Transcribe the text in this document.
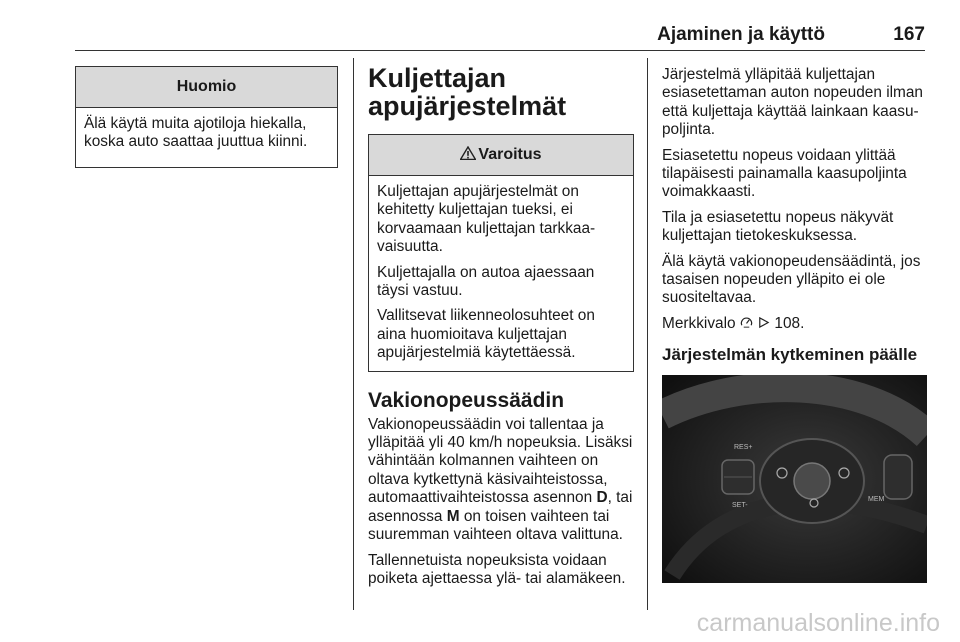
Ajaminen ja käyttö	167
Huomio
Älä käytä muita ajotiloja hiekalla, koska auto saattaa juuttua kiinni.
Kuljettajan apujärjestelmät
Varoitus
Kuljettajan apujärjestelmät on kehitetty kuljettajan tueksi, ei korvaamaan kuljettajan tarkkaavaisuutta.
Kuljettajalla on autoa ajaessaan täysi vastuu.
Vallitsevat liikenneolosuhteet on aina huomioitava kuljettajan apujärjestelmiä käytettäessä.
Vakionopeussäädin
Vakionopeussäädin voi tallentaa ja ylläpitää yli 40 km/h nopeuksia. Lisäksi vähintään kolmannen vaihteen on oltava kytkettynä käsivaihteistossa, automaattivaihteistossa asennon D, tai asennossa M on toisen vaihteen tai suuremman vaihteen oltava valittuna.
Tallennetuista nopeuksista voidaan poiketa ajettaessa ylä- tai alamäkeen.
Järjestelmä ylläpitää kuljettajan esiasetettaman auton nopeuden ilman että kuljettaja käyttää lainkaan kaasupoljinta.
Esiasetettu nopeus voidaan ylittää tilapäisesti painamalla kaasupoljinta voimakkaasti.
Tila ja esiasetettu nopeus näkyvät kuljettajan tietokeskuksessa.
Älä käytä vakionopeudensäädintä, jos tasaisen nopeuden ylläpito ei ole suositeltavaa.
Merkkivalo	108.
Järjestelmän kytkeminen päälle
RES+
SET-
MEM
carmanualsonline.info
